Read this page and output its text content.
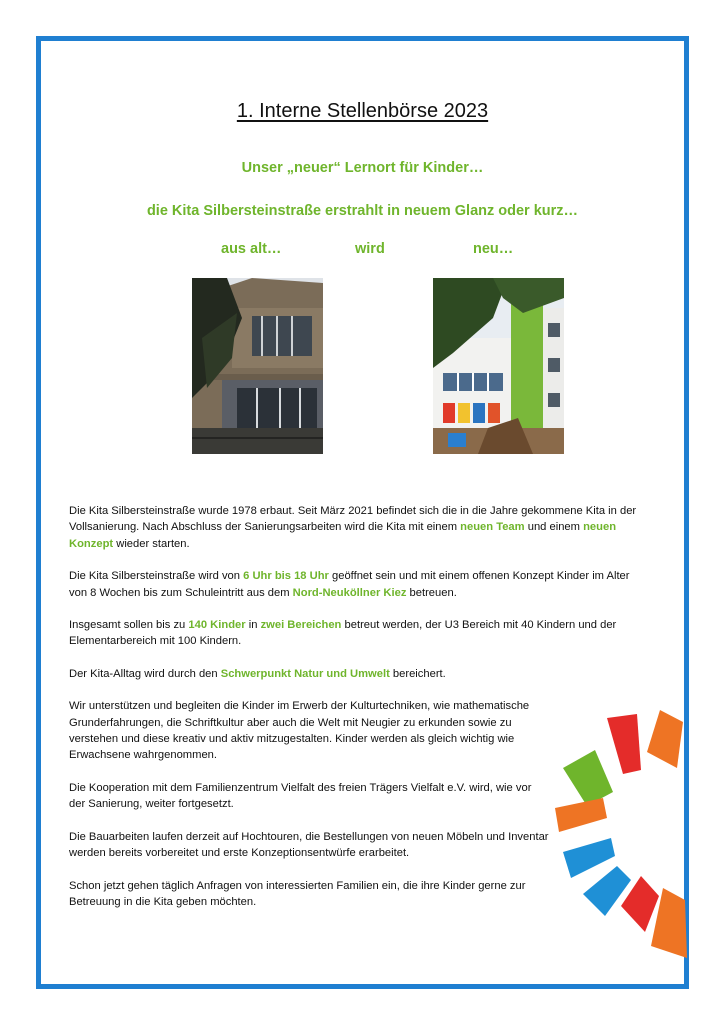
1. Interne Stellenbörse 2023

Unser „neuer“ Lernort für Kinder…

die Kita Silbersteinstraße erstrahlt in neuem Glanz oder kurz…

aus alt…	wird	neu…

Die Kita Silbersteinstraße wurde 1978 erbaut. Seit März 2021 befindet sich die in die Jahre gekommene Kita in der Vollsanierung. Nach Abschluss der Sanierungsarbeiten wird die Kita mit einem neuen Team und einem neuen Konzept wieder starten.

Die Kita Silbersteinstraße wird von 6 Uhr bis 18 Uhr geöffnet sein und mit einem offenen Konzept Kinder im Alter von 8 Wochen bis zum Schuleintritt aus dem Nord-Neuköllner Kiez betreuen.

Insgesamt sollen bis zu 140 Kinder in zwei Bereichen betreut werden, der U3 Bereich mit 40 Kindern und der Elementarbereich mit 100 Kindern.

Der Kita-Alltag wird durch den Schwerpunkt Natur und Umwelt bereichert.

Wir unterstützen und begleiten die Kinder im Erwerb der Kulturtechniken, wie mathematische Grunderfahrungen, die Schriftkultur aber auch die Welt mit Neugier zu erkunden sowie zu verstehen und diese kreativ und aktiv mitzugestalten. Kinder werden als gleich wichtig wie Erwachsene wahrgenommen.

Die Kooperation mit dem Familienzentrum Vielfalt des freien Trägers Vielfalt e.V. wird, wie vor der Sanierung, weiter fortgesetzt.

Die Bauarbeiten laufen derzeit auf Hochtouren, die Bestellungen von neuen Möbeln und Inventar werden bereits vorbereitet und erste Konzeptionsentwürfe erarbeitet.

Schon jetzt gehen täglich Anfragen von interessierten Familien ein, die ihre Kinder gerne zur Betreuung in die Kita geben möchten.
